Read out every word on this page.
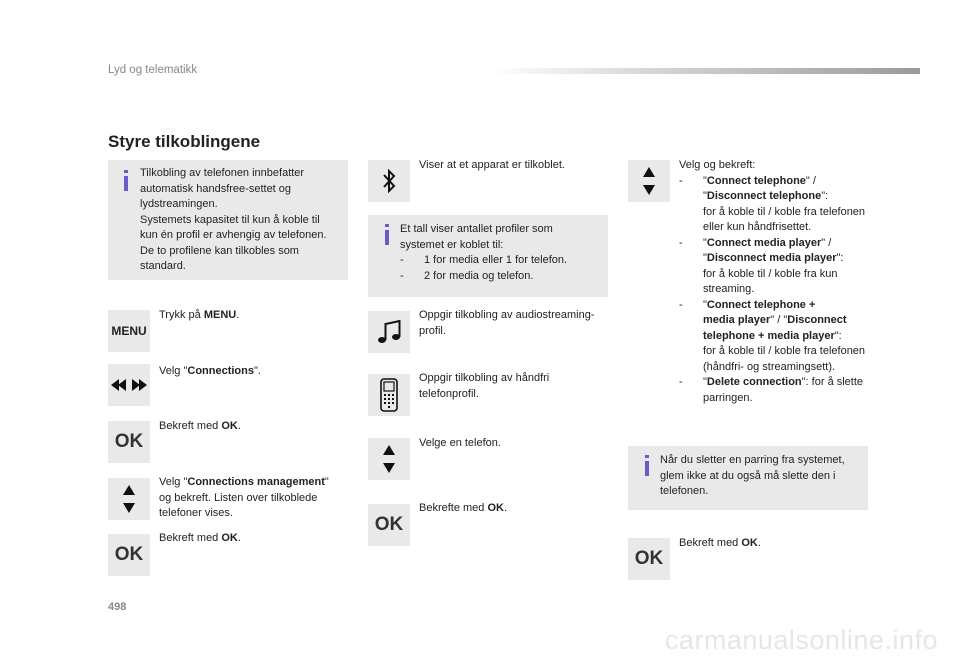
Lyd og telematikk
Styre tilkoblingene
Tilkobling av telefonen innbefatter
automatisk handsfree-settet og
lydstreamingen.
Systemets kapasitet til kun å koble til
kun én profil er avhengig av telefonen.
De to profilene kan tilkobles som
standard.
MENU
Trykk på MENU.
Velg "Connections".
OK
Bekreft med OK.
Velg "Connections management"
og bekreft. Listen over tilkoblede
telefoner vises.
OK
Bekreft med OK.
Viser at et apparat er tilkoblet.
Et tall viser antallet profiler som
systemet er koblet til:
- 1 for media eller 1 for telefon.
- 2 for media og telefon.
Oppgir tilkobling av audiostreaming-
profil.
Oppgir tilkobling av håndfri
telefonprofil.
Velge en telefon.
OK
Bekrefte med OK.
Velg og bekreft:
- "Connect telephone" /
"Disconnect telephone":
for å koble til / koble fra telefonen
eller kun håndfrisettet.
- "Connect media player" /
"Disconnect media player":
for å koble til / koble fra kun
streaming.
- "Connect telephone +
media player" / "Disconnect
telephone + media player":
for å koble til / koble fra telefonen
(håndfri- og streamingsett).
- "Delete connection": for å slette
parringen.
Når du sletter en parring fra systemet,
glem ikke at du også må slette den i
telefonen.
OK
Bekreft med OK.
498
carmanualsonline.info
